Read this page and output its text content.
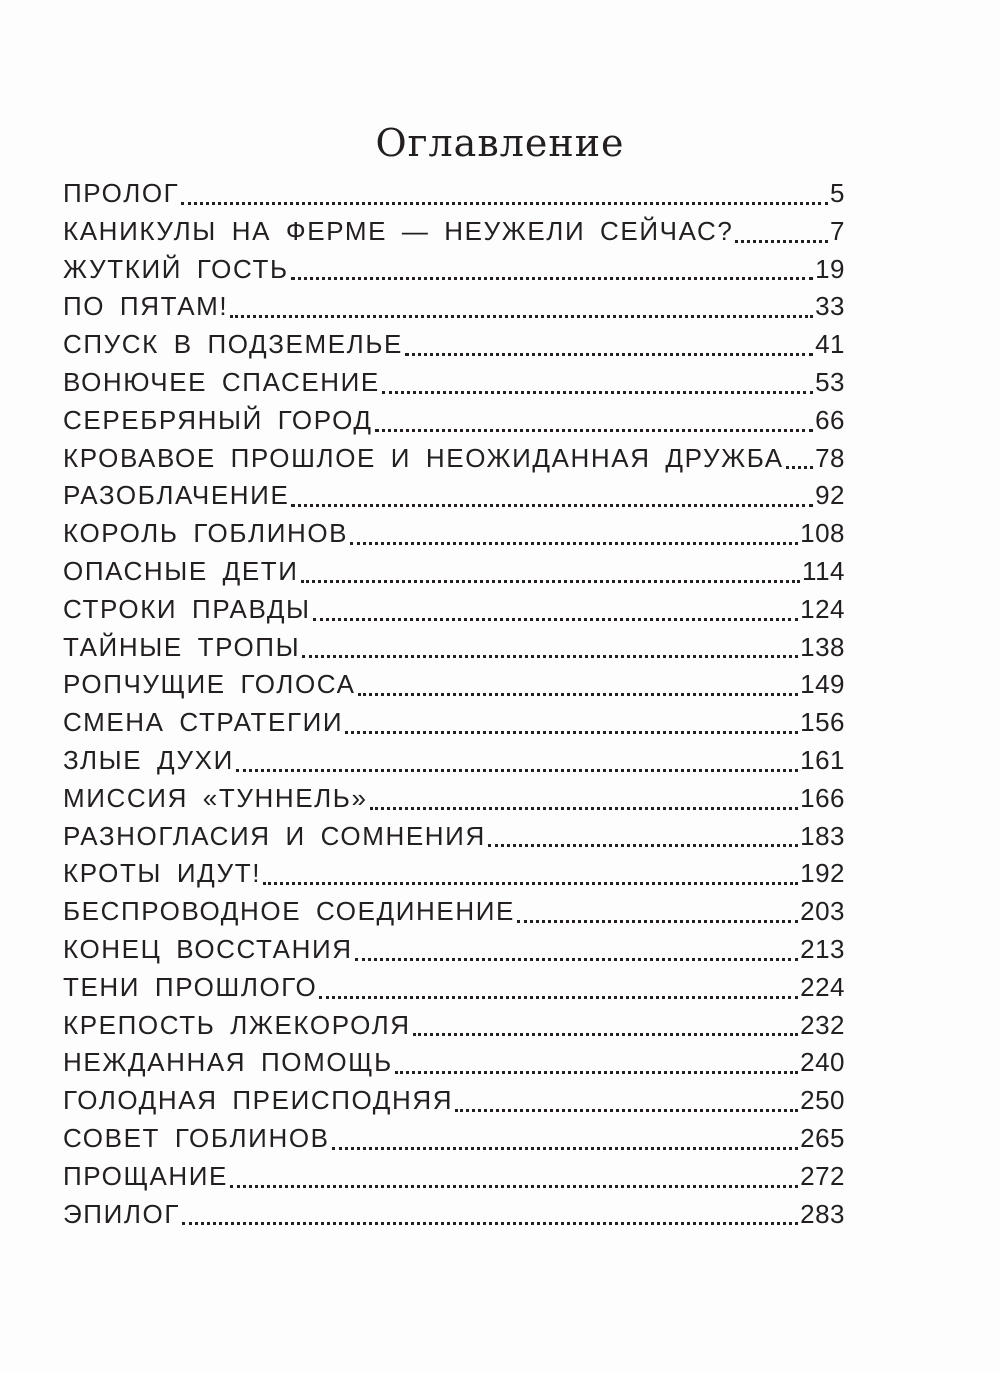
Оглавление
ПРОЛОГ	5
КАНИКУЛЫ НА ФЕРМЕ — НЕУЖЕЛИ СЕЙЧАС?	7
ЖУТКИЙ ГОСТЬ	19
ПО ПЯТАМ!	33
СПУСК В ПОДЗЕМЕЛЬЕ	41
ВОНЮЧЕЕ СПАСЕНИЕ	53
СЕРЕБРЯНЫЙ ГОРОД	66
КРОВАВОЕ ПРОШЛОЕ И НЕОЖИДАННАЯ ДРУЖБА 78
РАЗОБЛАЧЕНИЕ	92
КОРОЛЬ ГОБЛИНОВ	108
ОПАСНЫЕ ДЕТИ	114
СТРОКИ ПРАВДЫ	124
ТАЙНЫЕ ТРОПЫ	138
РОПЧУЩИЕ ГОЛОСА	149
СМЕНА СТРАТЕГИИ	156
ЗЛЫЕ ДУХИ	161
МИССИЯ «ТУННЕЛЬ»	166
РАЗНОГЛАСИЯ И СОМНЕНИЯ	183
КРОТЫ ИДУТ!	192
БЕСПРОВОДНОЕ СОЕДИНЕНИЕ	203
КОНЕЦ ВОССТАНИЯ	213
ТЕНИ ПРОШЛОГО	224
КРЕПОСТЬ ЛЖЕКОРОЛЯ	232
НЕЖДАННАЯ ПОМОЩЬ	240
ГОЛОДНАЯ ПРЕИСПОДНЯЯ	250
СОВЕТ ГОБЛИНОВ	265
ПРОЩАНИЕ	272
ЭПИЛОГ	283
